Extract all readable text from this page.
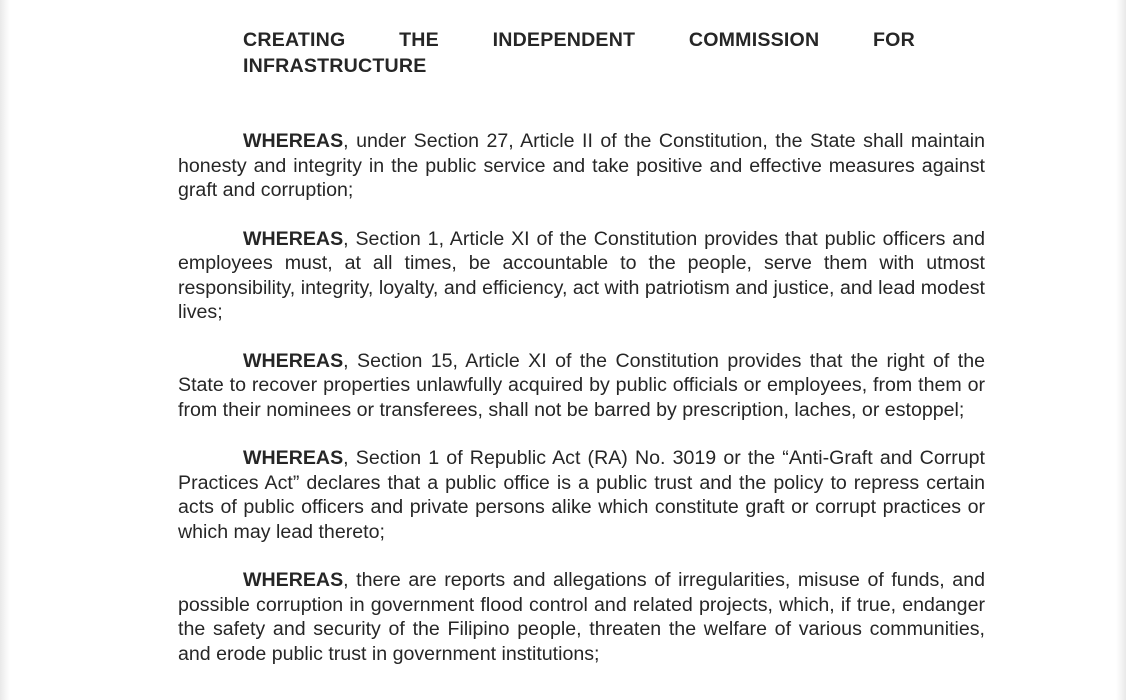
CREATING	THE	INDEPENDENT	COMMISSION	FOR
INFRASTRUCTURE

WHEREAS, under Section 27, Article II of the Constitution, the State shall maintain honesty and integrity in the public service and take positive and effective measures against graft and corruption;

WHEREAS, Section 1, Article XI of the Constitution provides that public officers and employees must, at all times, be accountable to the people, serve them with utmost responsibility, integrity, loyalty, and efficiency, act with patriotism and justice, and lead modest lives;

WHEREAS, Section 15, Article XI of the Constitution provides that the right of the State to recover properties unlawfully acquired by public officials or employees, from them or from their nominees or transferees, shall not be barred by prescription, laches, or estoppel;

WHEREAS, Section 1 of Republic Act (RA) No. 3019 or the “Anti-Graft and Corrupt Practices Act” declares that a public office is a public trust and the policy to repress certain acts of public officers and private persons alike which constitute graft or corrupt practices or which may lead thereto;

WHEREAS, there are reports and allegations of irregularities, misuse of funds, and possible corruption in government flood control and related projects, which, if true, endanger the safety and security of the Filipino people, threaten the welfare of various communities, and erode public trust in government institutions;
